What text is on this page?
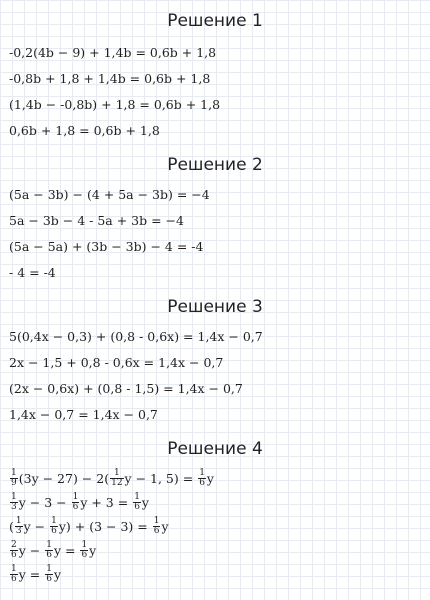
Решение 1
-0,2(4b − 9) + 1,4b = 0,6b + 1,8
-0,8b + 1,8 + 1,4b = 0,6b + 1,8
(1,4b − -0,8b) + 1,8 = 0,6b + 1,8
0,6b + 1,8 = 0,6b + 1,8
Решение 2
(5a − 3b) − (4 + 5a − 3b) = −4
5a − 3b − 4 - 5a + 3b = −4
(5a − 5a) + (3b − 3b) − 4 = -4
- 4 = -4
Решение 3
5(0,4x − 0,3) + (0,8 - 0,6x) = 1,4x − 0,7
2x − 1,5 + 0,8 - 0,6x = 1,4x − 0,7
(2x − 0,6x) + (0,8 - 1,5) = 1,4x − 0,7
1,4x − 0,7 = 1,4x − 0,7
Решение 4
$\frac{1}{9} (3y - 27) - 2( \frac{1}{12}$ y − 1, $5) = \frac{1}{6}$ y
$\frac{1}{3}$ $y - 3 - \frac{1}{6}$ $y + 3 = \frac{1}{6}$ y
( $\frac{1}{3}$ $y - \frac{1}{6} y) + (3 - 3) = \frac{1}{6}$ y
$\frac{2}{6}$ $y - \frac{1}{6}$ $y = \frac{1}{6}$ y
$\frac{1}{6}$ $y = \frac{1}{6}$ y
